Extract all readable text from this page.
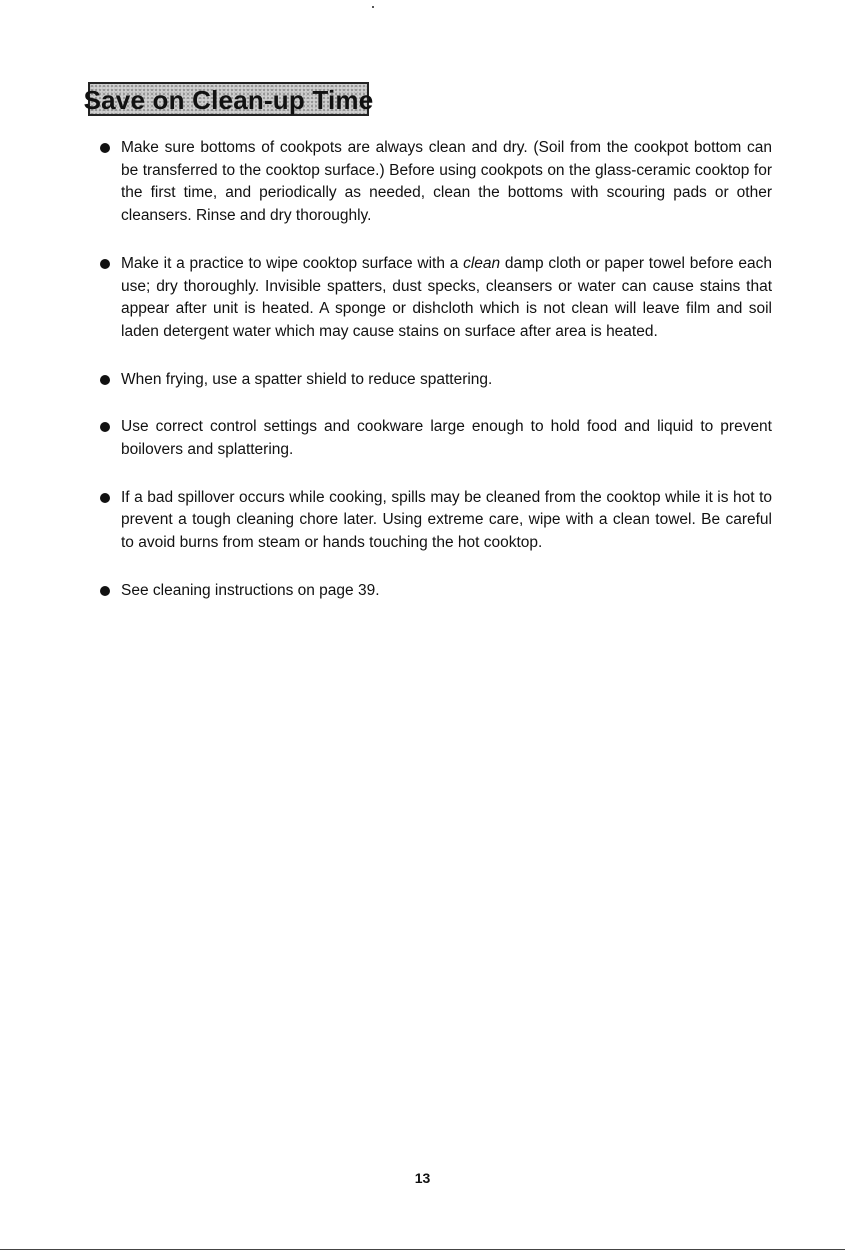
Save on Clean-up Time
Make sure bottoms of cookpots are always clean and dry. (Soil from the cookpot bottom can be transferred to the cooktop surface.) Before using cookpots on the glass-ceramic cooktop for the first time, and periodically as needed, clean the bottoms with scouring pads or other cleansers. Rinse and dry thoroughly.
Make it a practice to wipe cooktop surface with a clean damp cloth or paper towel before each use; dry thoroughly. Invisible spatters, dust specks, cleansers or water can cause stains that appear after unit is heated. A sponge or dishcloth which is not clean will leave film and soil laden detergent water which may cause stains on surface after area is heated.
When frying, use a spatter shield to reduce spattering.
Use correct control settings and cookware large enough to hold food and liquid to prevent boilovers and splattering.
If a bad spillover occurs while cooking, spills may be cleaned from the cooktop while it is hot to prevent a tough cleaning chore later. Using extreme care, wipe with a clean towel. Be careful to avoid burns from steam or hands touching the hot cooktop.
See cleaning instructions on page 39.
13
